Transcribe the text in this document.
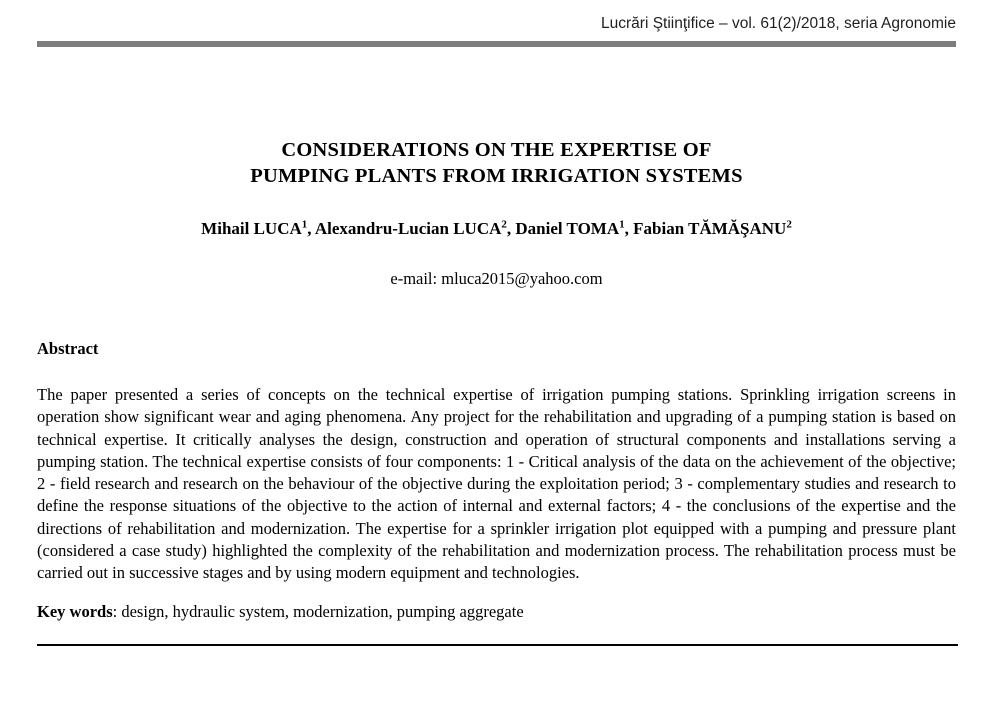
Lucrări Ştiinţifice – vol. 61(2)/2018, seria Agronomie
CONSIDERATIONS ON THE EXPERTISE OF
PUMPING PLANTS FROM IRRIGATION SYSTEMS
Mihail LUCA$^1$, Alexandru-Lucian LUCA$^2$, Daniel TOMA$^1$, Fabian TĂMĂŞANU$^2$
e-mail: mluca2015@yahoo.com
Abstract
The paper presented a series of concepts on the technical expertise of irrigation pumping stations. Sprinkling irrigation screens in operation show significant wear and aging phenomena. Any project for the rehabilitation and upgrading of a pumping station is based on technical expertise. It critically analyses the design, construction and operation of structural components and installations serving a pumping station. The technical expertise consists of four components: 1 - Critical analysis of the data on the achievement of the objective; 2 - field research and research on the behaviour of the objective during the exploitation period; 3 - complementary studies and research to define the response situations of the objective to the action of internal and external factors; 4 - the conclusions of the expertise and the directions of rehabilitation and modernization. The expertise for a sprinkler irrigation plot equipped with a pumping and pressure plant (considered a case study) highlighted the complexity of the rehabilitation and modernization process. The rehabilitation process must be carried out in successive stages and by using modern equipment and technologies.
Key words: design, hydraulic system, modernization, pumping aggregate
